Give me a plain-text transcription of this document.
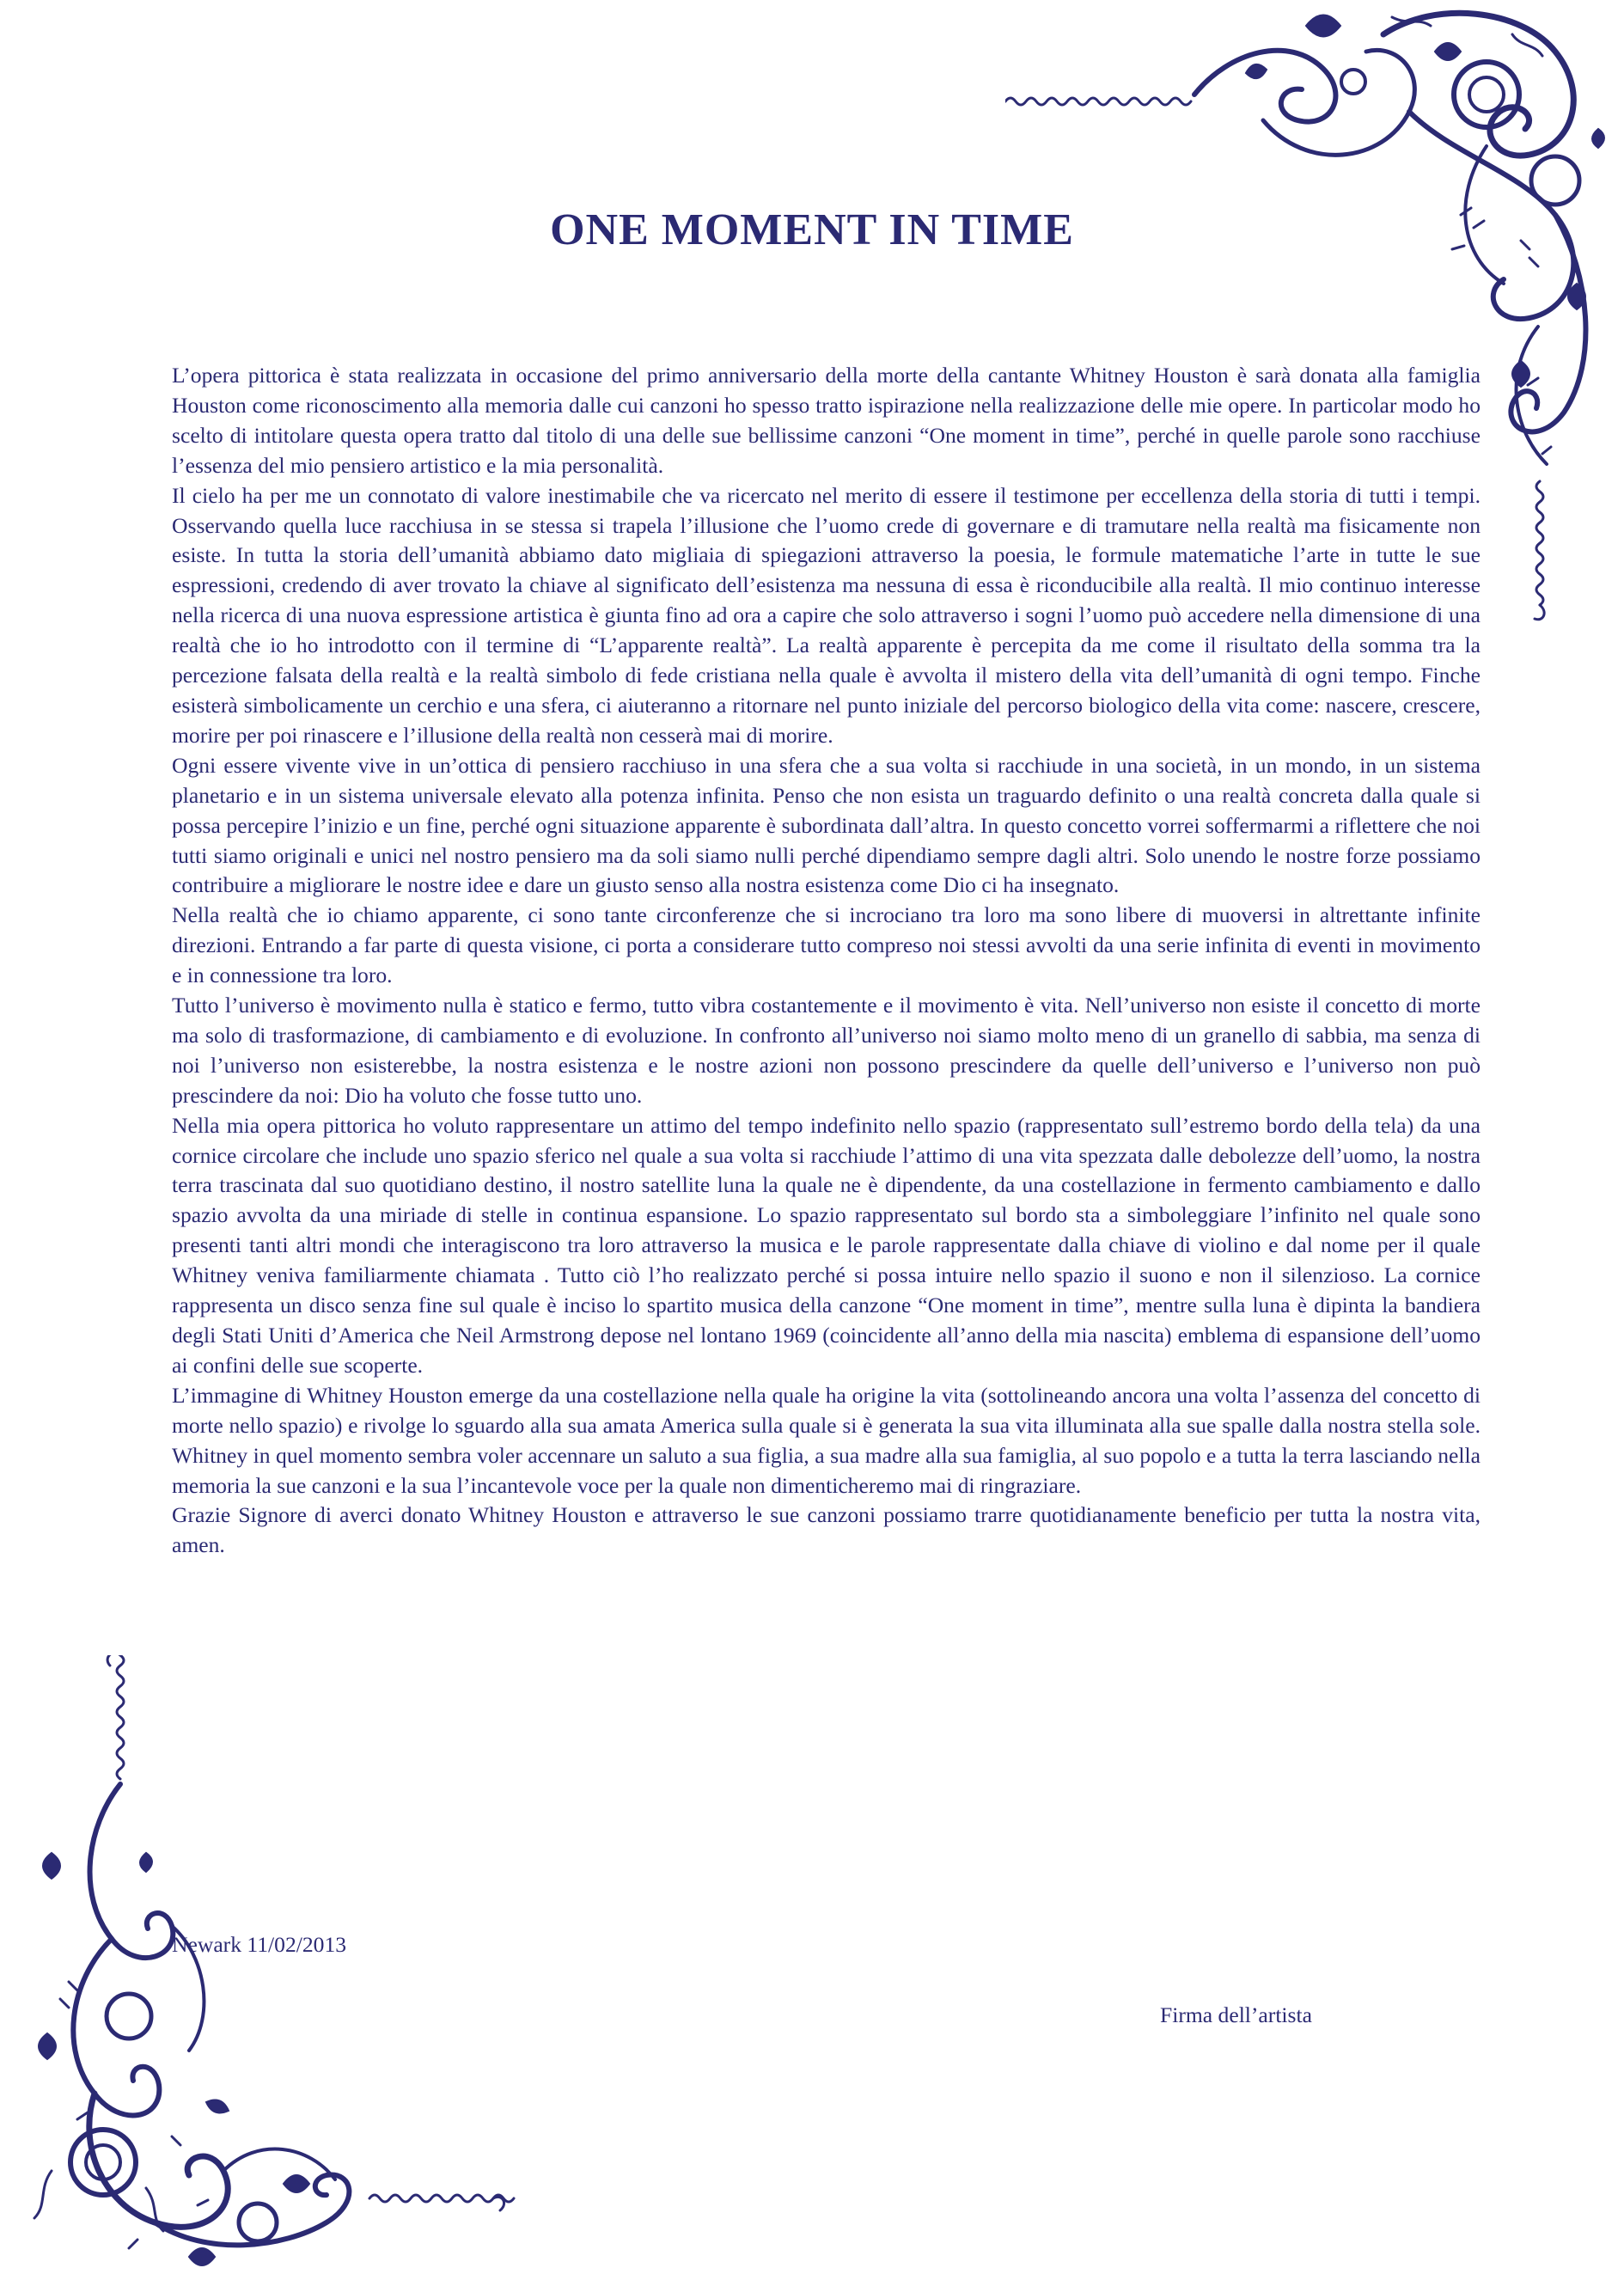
ONE MOMENT IN TIME

L’opera pittorica è stata realizzata in occasione del primo anniversario della morte della cantante Whitney Houston è sarà donata alla famiglia Houston come riconoscimento alla memoria dalle cui canzoni ho spesso tratto ispirazione nella realizzazione delle mie opere. In particolar modo ho scelto di intitolare questa opera tratto dal titolo di una delle sue bellissime canzoni “One moment in time”, perché in quelle parole sono racchiuse l’essenza del mio pensiero artistico e la mia personalità.

Il cielo ha per me un connotato di valore inestimabile che va ricercato nel merito di essere il testimone per eccellenza della storia di tutti i tempi. Osservando quella luce racchiusa in se stessa si trapela l’illusione che l’uomo crede di governare e di tramutare nella realtà ma fisicamente non esiste. In tutta la storia dell’umanità abbiamo dato migliaia di spiegazioni attraverso la poesia, le formule matematiche l’arte in tutte le sue espressioni, credendo di aver trovato la chiave al significato dell’esistenza ma nessuna di essa è riconducibile alla realtà. Il mio continuo interesse nella ricerca di una nuova espressione artistica è giunta fino ad ora a capire che solo attraverso i sogni l’uomo può accedere nella dimensione di una realtà che io ho introdotto con il termine di “L’apparente realtà”. La realtà apparente è percepita da me come il risultato della somma tra la percezione falsata della realtà e la realtà simbolo di fede cristiana nella quale è avvolta il mistero della vita dell’umanità di ogni tempo. Finche esisterà simbolicamente un cerchio e una sfera, ci aiuteranno a ritornare nel punto iniziale del percorso biologico della vita come: nascere, crescere, morire per poi rinascere e l’illusione della realtà non cesserà mai di morire.

Ogni essere vivente vive in un’ottica di pensiero racchiuso in una sfera che a sua volta si racchiude in una società, in un mondo, in un sistema planetario e in un sistema universale elevato alla potenza infinita. Penso che non esista un traguardo definito o una realtà concreta dalla quale si possa percepire l’inizio e un fine, perché ogni situazione apparente è subordinata dall’altra. In questo concetto vorrei soffermarmi a riflettere che noi tutti siamo originali e unici nel nostro pensiero ma da soli siamo nulli perché dipendiamo sempre dagli altri. Solo unendo le nostre forze possiamo contribuire a migliorare le nostre idee e dare un giusto senso alla nostra esistenza come Dio ci ha insegnato.

Nella realtà che io chiamo apparente, ci sono tante circonferenze che si incrociano tra loro ma sono libere di muoversi in altrettante infinite direzioni. Entrando a far parte di questa visione, ci porta a considerare tutto compreso noi stessi avvolti da una serie infinita di eventi in movimento e in connessione tra loro.

Tutto l’universo è movimento nulla è statico e fermo, tutto vibra costantemente e il movimento è vita. Nell’universo non esiste il concetto di morte ma solo di trasformazione, di cambiamento e di evoluzione. In confronto all’universo noi siamo molto meno di un granello di sabbia, ma senza di noi l’universo non esisterebbe, la nostra esistenza e le nostre azioni non possono prescindere da quelle dell’universo e l’universo non può prescindere da noi: Dio ha voluto che fosse tutto uno.

Nella mia opera pittorica ho voluto rappresentare un attimo del tempo indefinito nello spazio (rappresentato sull’estremo bordo della tela) da una cornice circolare che include uno spazio sferico nel quale a sua volta si racchiude l’attimo di una vita spezzata dalle debolezze dell’uomo, la nostra terra trascinata dal suo quotidiano destino, il nostro satellite luna la quale ne è dipendente, da una costellazione in fermento cambiamento e dallo spazio avvolta da una miriade di stelle in continua espansione. Lo spazio rappresentato sul bordo sta a simboleggiare l’infinito nel quale sono presenti tanti altri mondi che interagiscono tra loro attraverso la musica e le parole rappresentate dalla chiave di violino e dal nome per il quale Whitney veniva familiarmente chiamata . Tutto ciò l’ho realizzato perché si possa intuire nello spazio il suono e non il silenzioso. La cornice rappresenta un disco senza fine sul quale è inciso lo spartito musica della canzone “One moment in time”, mentre sulla luna è dipinta la bandiera degli Stati Uniti d’America che Neil Armstrong depose nel lontano 1969 (coincidente all’anno della mia nascita) emblema di espansione dell’uomo ai confini delle sue scoperte.

L’immagine di Whitney Houston emerge da una costellazione nella quale ha origine la vita (sottolineando ancora una volta l’assenza del concetto di morte nello spazio) e rivolge lo sguardo alla sua amata America sulla quale si è generata la sua vita illuminata alla sue spalle dalla nostra stella sole. Whitney in quel momento sembra voler accennare un saluto a sua figlia, a sua madre alla sua famiglia, al suo popolo e a tutta la terra lasciando nella memoria la sue canzoni e la sua l’incantevole voce per la quale non dimenticheremo mai di ringraziare.

Grazie Signore di averci donato Whitney Houston e attraverso le sue canzoni possiamo trarre quotidianamente beneficio per tutta la nostra vita, amen.

Newark 11/02/2013
Firma dell’artista
